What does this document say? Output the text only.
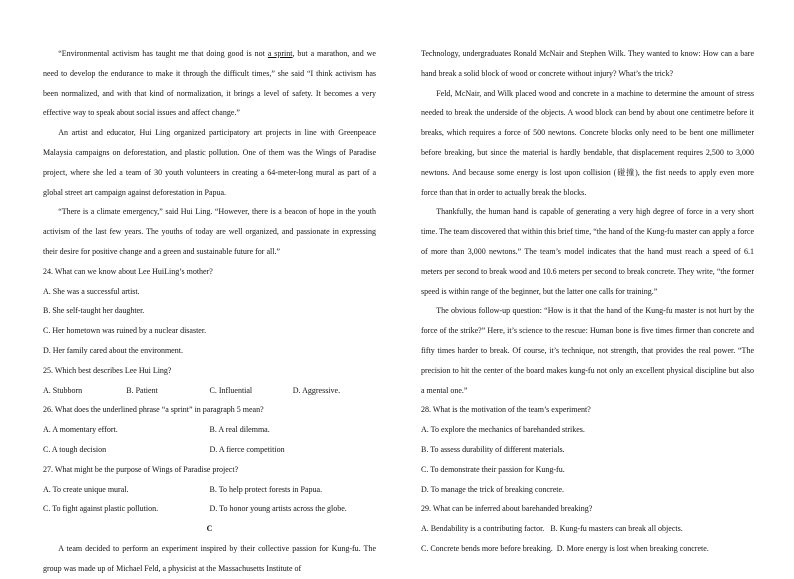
“Environmental activism has taught me that doing good is not a sprint, but a marathon, and we need to develop the endurance to make it through the difficult times,” she said “I think activism has been normalized, and with that kind of normalization, it brings a level of safety. It becomes a very effective way to speak about social issues and affect change.”

An artist and educator, Hui Ling organized participatory art projects in line with Greenpeace Malaysia campaigns on deforestation, and plastic pollution. One of them was the Wings of Paradise project, where she led a team of 30 youth volunteers in creating a 64-meter-long mural as part of a global street art campaign against deforestation in Papua.

“There is a climate emergency,” said Hui Ling. “However, there is a beacon of hope in the youth activism of the last few years. The youths of today are well organized, and passionate in expressing their desire for positive change and a green and sustainable future for all.”

24. What can we know about Lee HuiLing’s mother?

A. She was a successful artist.

B. She self-taught her daughter.

C. Her hometown was ruined by a nuclear disaster.

D. Her family cared about the environment.

25. Which best describes Lee Hui Ling?

A. Stubborn	B. Patient	C. Influential	D. Aggressive.

26. What does the underlined phrase “a sprint” in paragraph 5 mean?

A. A momentary effort.	B. A real dilemma.
C. A tough decision	D. A fierce competition

27. What might be the purpose of Wings of Paradise project?

A. To create unique mural.	B. To help protect forests in Papua.
C. To fight against plastic pollution.	D. To honor young artists across the globe.

C

A team decided to perform an experiment inspired by their collective passion for Kung-fu. The group was made up of Michael Feld, a physicist at the Massachusetts Institute of

Technology, undergraduates Ronald McNair and Stephen Wilk. They wanted to know: How can a bare hand break a solid block of wood or concrete without injury? What’s the trick?

Feld, McNair, and Wilk placed wood and concrete in a machine to determine the amount of stress needed to break the underside of the objects. A wood block can bend by about one centimetre before it breaks, which requires a force of 500 newtons. Concrete blocks only need to be bent one millimeter before breaking, but since the material is hardly bendable, that displacement requires 2,500 to 3,000 newtons. And because some energy is lost upon collision (碰撞), the fist needs to apply even more force than that in order to actually break the blocks.

Thankfully, the human hand is capable of generating a very high degree of force in a very short time. The team discovered that within this brief time, “the hand of the Kung-fu master can apply a force of more than 3,000 newtons.” The team’s model indicates that the hand must reach a speed of 6.1 meters per second to break wood and 10.6 meters per second to break concrete. They write, “the former speed is within range of the beginner, but the latter one calls for training.”

The obvious follow-up question: “How is it that the hand of the Kung-fu master is not hurt by the force of the strike?” Here, it’s science to the rescue: Human bone is five times firmer than concrete and fifty times harder to break. Of course, it’s technique, not strength, that provides the real power. “The precision to hit the center of the board makes kung-fu not only an excellent physical discipline but also a mental one.”

28. What is the motivation of the team’s experiment?

A. To explore the mechanics of barehanded strikes.

B. To assess durability of different materials.

C. To demonstrate their passion for Kung-fu.

D. To manage the trick of breaking concrete.

29. What can be inferred about barehanded breaking?

A. Bendability is a contributing factor. B. Kung-fu masters can break all objects.

C. Concrete bends more before breaking. D. More energy is lost when breaking concrete.
